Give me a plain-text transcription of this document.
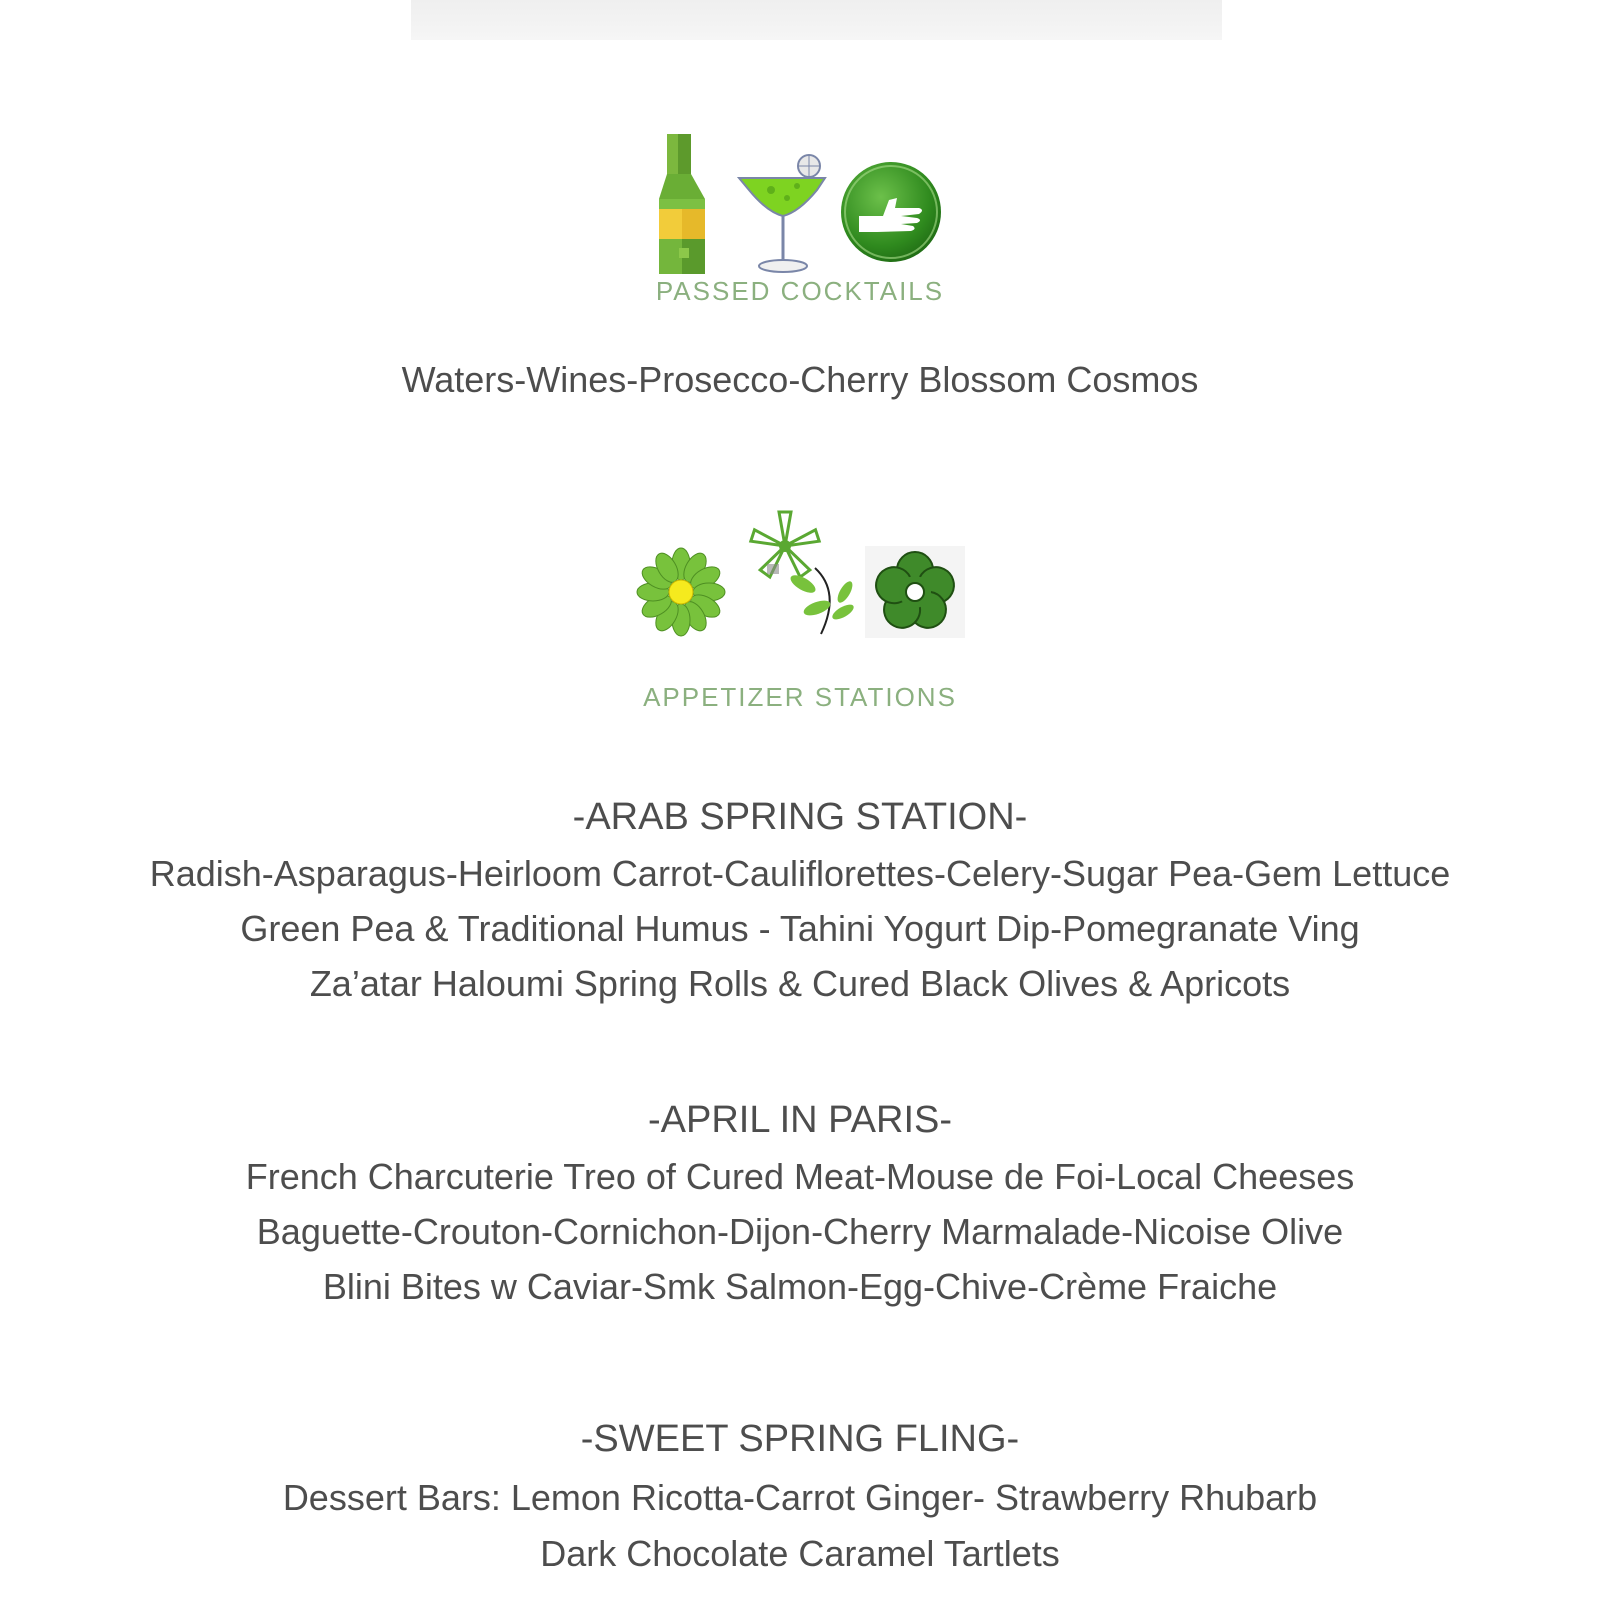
PASSED COCKTAILS
Waters-Wines-Prosecco-Cherry Blossom Cosmos
APPETIZER STATIONS
-ARAB SPRING STATION-
Radish-Asparagus-Heirloom Carrot-Cauliflorettes-Celery-Sugar Pea-Gem Lettuce
Green Pea & Traditional Humus - Tahini Yogurt Dip-Pomegranate Ving
Za’atar Haloumi Spring Rolls & Cured Black Olives & Apricots
-APRIL IN PARIS-
French Charcuterie Treo of Cured Meat-Mouse de Foi-Local Cheeses
Baguette-Crouton-Cornichon-Dijon-Cherry Marmalade-Nicoise Olive
Blini Bites w Caviar-Smk Salmon-Egg-Chive-Crème Fraiche
-SWEET SPRING FLING-
Dessert Bars: Lemon Ricotta-Carrot Ginger- Strawberry Rhubarb
Dark Chocolate Caramel Tartlets
